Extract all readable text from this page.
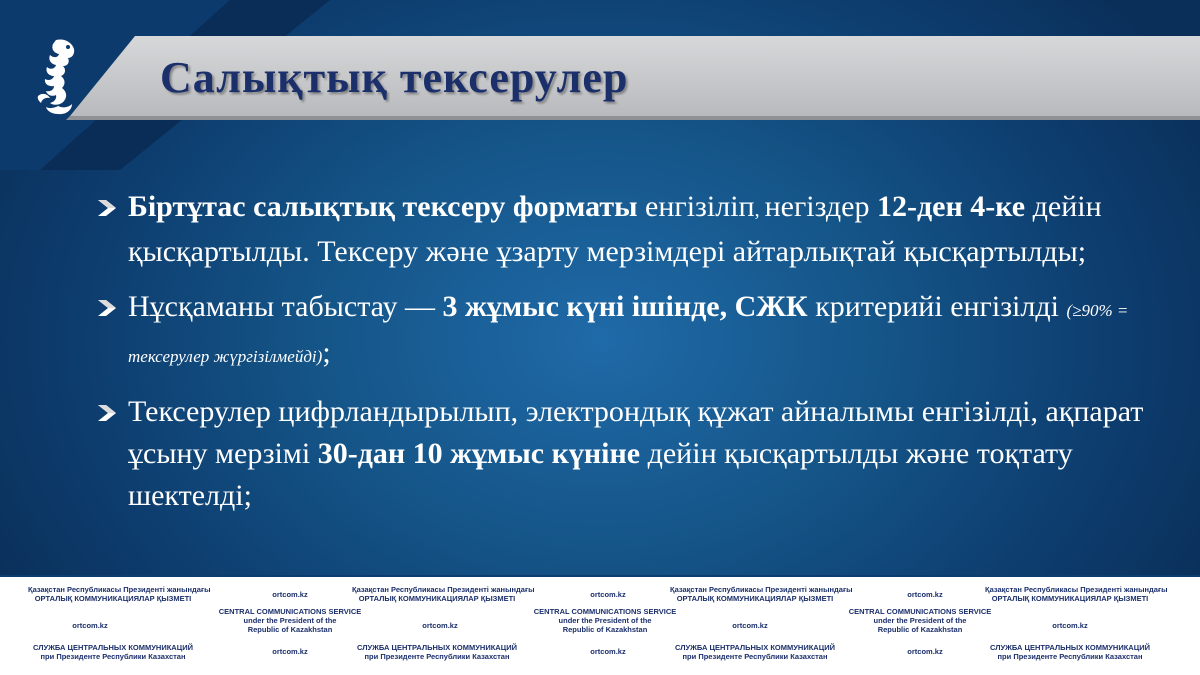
Салықтық тексерулер
Біртұтас салықтық тексеру форматы енгізіліп, негіздер 12-ден 4-ке дейін қысқартылды. Тексеру және ұзарту мерзімдері айтарлықтай қысқартылды;
Нұсқаманы табыстау — 3 жұмыс күні ішінде, СЖК критерийі енгізілді (≥90% = тексерулер жүргізілмейді);
Тексерулер цифрландырылып, электрондық құжат айналымы енгізілді, ақпарат ұсыну мерзімі 30-дан 10 жұмыс күніне дейін қысқартылды және тоқтату шектелді;
Қазақстан Республикасы Президенті жанындағы
ОРТАЛЫҚ КОММУНИКАЦИЯЛАР ҚЫЗМЕТІ	ortcom.kz
Қазақстан Республикасы Президенті жанындағы
ОРТАЛЫҚ КОММУНИКАЦИЯЛАР ҚЫЗМЕТІ	ortcom.kz
Қазақстан Республикасы Президенті жанындағы
ОРТАЛЫҚ КОММУНИКАЦИЯЛАР ҚЫЗМЕТІ	ortcom.kz
Қазақстан Республикасы Президенті жанындағы
ОРТАЛЫҚ КОММУНИКАЦИЯЛАР ҚЫЗМЕТІ
ortcom.kz
CENTRAL COMMUNICATIONS SERVICE
under the President of the
Republic of Kazakhstan	ortcom.kz
CENTRAL COMMUNICATIONS SERVICE
under the President of the
Republic of Kazakhstan	ortcom.kz
CENTRAL COMMUNICATIONS SERVICE
under the President of the
Republic of Kazakhstan	ortcom.kz
СЛУЖБА ЦЕНТРАЛЬНЫХ КОММУНИКАЦИЙ
при Президенте Республики Казахстан
ortcom.kz	СЛУЖБА ЦЕНТРАЛЬНЫХ КОММУНИКАЦИЙ
при Президенте Республики Казахстан
ortcom.kz	СЛУЖБА ЦЕНТРАЛЬНЫХ КОММУНИКАЦИЙ
при Президенте Республики Казахстан
ortcom.kz	СЛУЖБА ЦЕНТРАЛЬНЫХ КОММУНИКАЦИЙ
при Президенте Республики Казахстан
